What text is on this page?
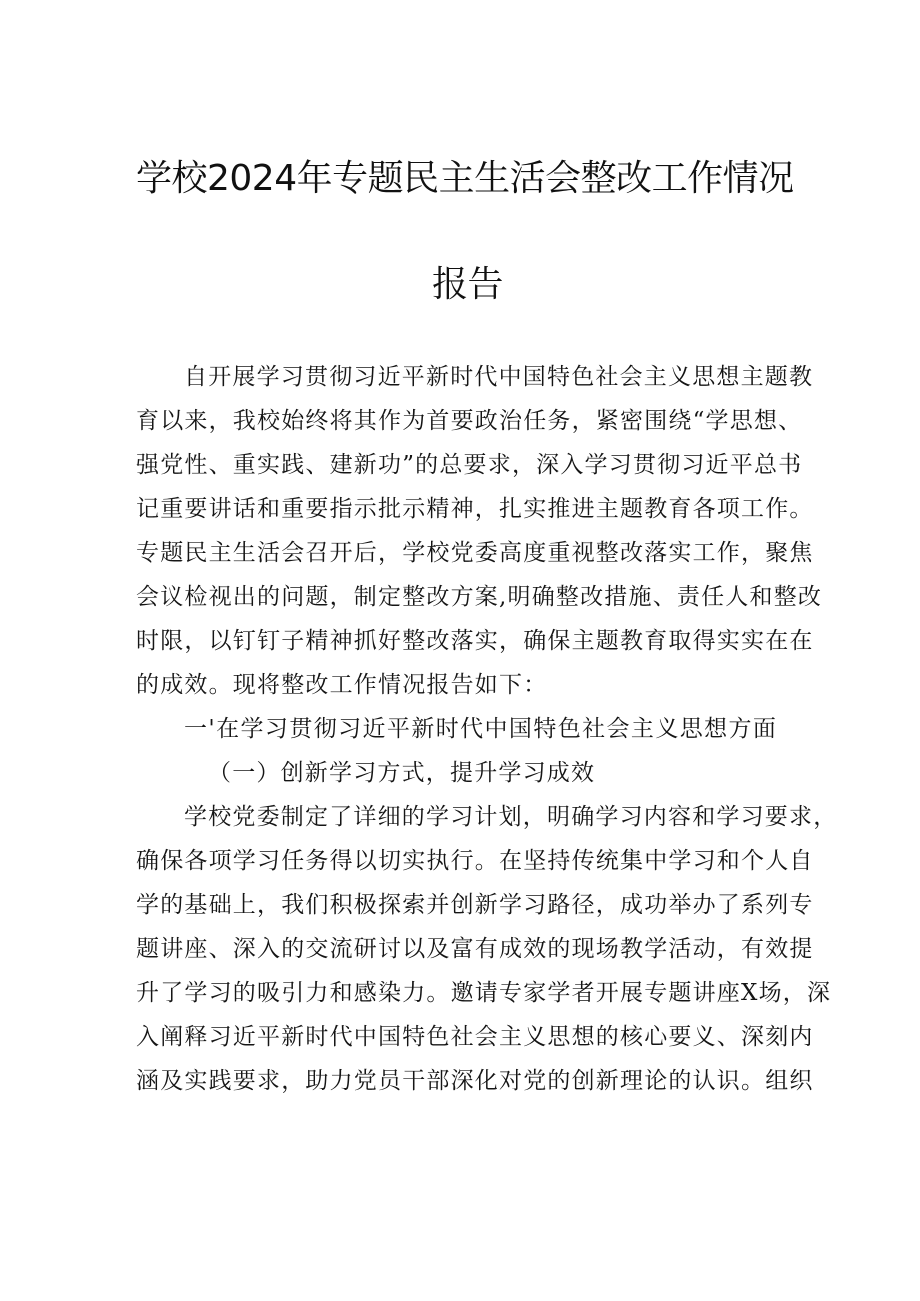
学校2024年专题民主生活会整改工作情况
报告
自开展学习贯彻习近平新时代中国特色社会主义思想主题教
育以来，我校始终将其作为首要政治任务，紧密围绕“学思想、
强党性、重实践、建新功”的总要求，深入学习贯彻习近平总书
记重要讲话和重要指示批示精神，扎实推进主题教育各项工作。
专题民主生活会召开后，学校党委高度重视整改落实工作，聚焦
会议检视出的问题，制定整改方案,明确整改措施、责任人和整改
时限，以钉钉子精神抓好整改落实，确保主题教育取得实实在在
的成效。现将整改工作情况报告如下：
一'在学习贯彻习近平新时代中国特色社会主义思想方面
（一）创新学习方式，提升学习成效
学校党委制定了详细的学习计划，明确学习内容和学习要求，
确保各项学习任务得以切实执行。在坚持传统集中学习和个人自
学的基础上，我们积极探索并创新学习路径，成功举办了系列专
题讲座、深入的交流研讨以及富有成效的现场教学活动，有效提
升了学习的吸引力和感染力。邀请专家学者开展专题讲座X场，深
入阐释习近平新时代中国特色社会主义思想的核心要义、深刻内
涵及实践要求，助力党员干部深化对党的创新理论的认识。组织
